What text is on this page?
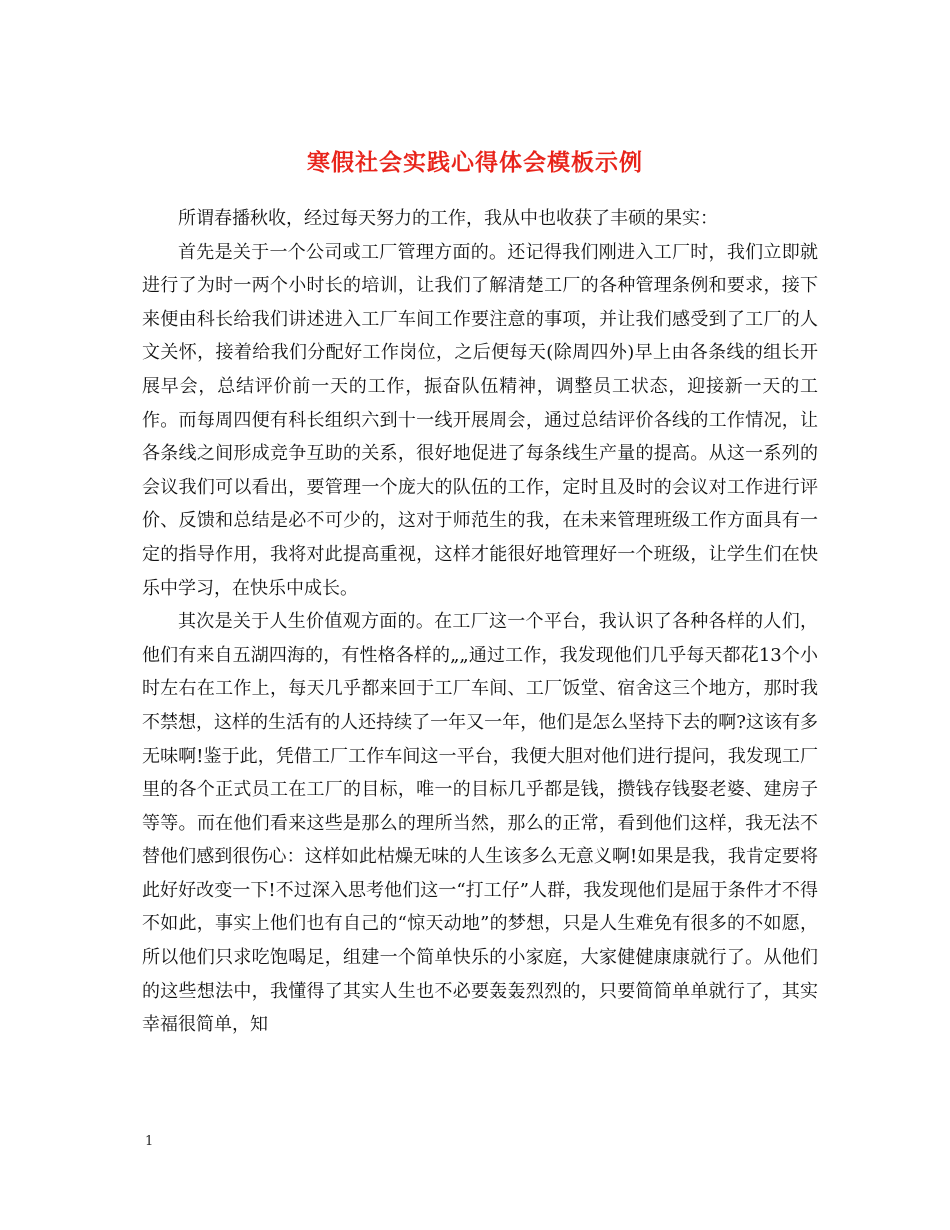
寒假社会实践心得体会模板示例

所谓春播秋收，经过每天努力的工作，我从中也收获了丰硕的果实：

首先是关于一个公司或工厂管理方面的。还记得我们刚进入工厂时，我们立即就进行了为时一两个小时长的培训，让我们了解清楚工厂的各种管理条例和要求，接下来便由科长给我们讲述进入工厂车间工作要注意的事项，并让我们感受到了工厂的人文关怀，接着给我们分配好工作岗位，之后便每天(除周四外)早上由各条线的组长开展早会，总结评价前一天的工作，振奋队伍精神，调整员工状态，迎接新一天的工作。而每周四便有科长组织六到十一线开展周会，通过总结评价各线的工作情况，让各条线之间形成竞争互助的关系，很好地促进了每条线生产量的提高。从这一系列的会议我们可以看出，要管理一个庞大的队伍的工作，定时且及时的会议对工作进行评价、反馈和总结是必不可少的，这对于师范生的我，在未来管理班级工作方面具有一定的指导作用，我将对此提高重视，这样才能很好地管理好一个班级，让学生们在快乐中学习，在快乐中成长。

其次是关于人生价值观方面的。在工厂这一个平台，我认识了各种各样的人们，他们有来自五湖四海的，有性格各样的„„通过工作，我发现他们几乎每天都花13个小时左右在工作上，每天几乎都来回于工厂车间、工厂饭堂、宿舍这三个地方，那时我不禁想，这样的生活有的人还持续了一年又一年，他们是怎么坚持下去的啊?这该有多无味啊!鉴于此，凭借工厂工作车间这一平台，我便大胆对他们进行提问，我发现工厂里的各个正式员工在工厂的目标，唯一的目标几乎都是钱，攒钱存钱娶老婆、建房子等等。而在他们看来这些是那么的理所当然，那么的正常，看到他们这样，我无法不替他们感到很伤心：这样如此枯燥无味的人生该多么无意义啊!如果是我，我肯定要将此好好改变一下!不过深入思考他们这一“打工仔”人群，我发现他们是屈于条件才不得不如此，事实上他们也有自己的“惊天动地”的梦想，只是人生难免有很多的不如愿，所以他们只求吃饱喝足，组建一个简单快乐的小家庭，大家健健康康就行了。从他们的这些想法中，我懂得了其实人生也不必要轰轰烈烈的，只要简简单单就行了，其实幸福很简单，知

1
